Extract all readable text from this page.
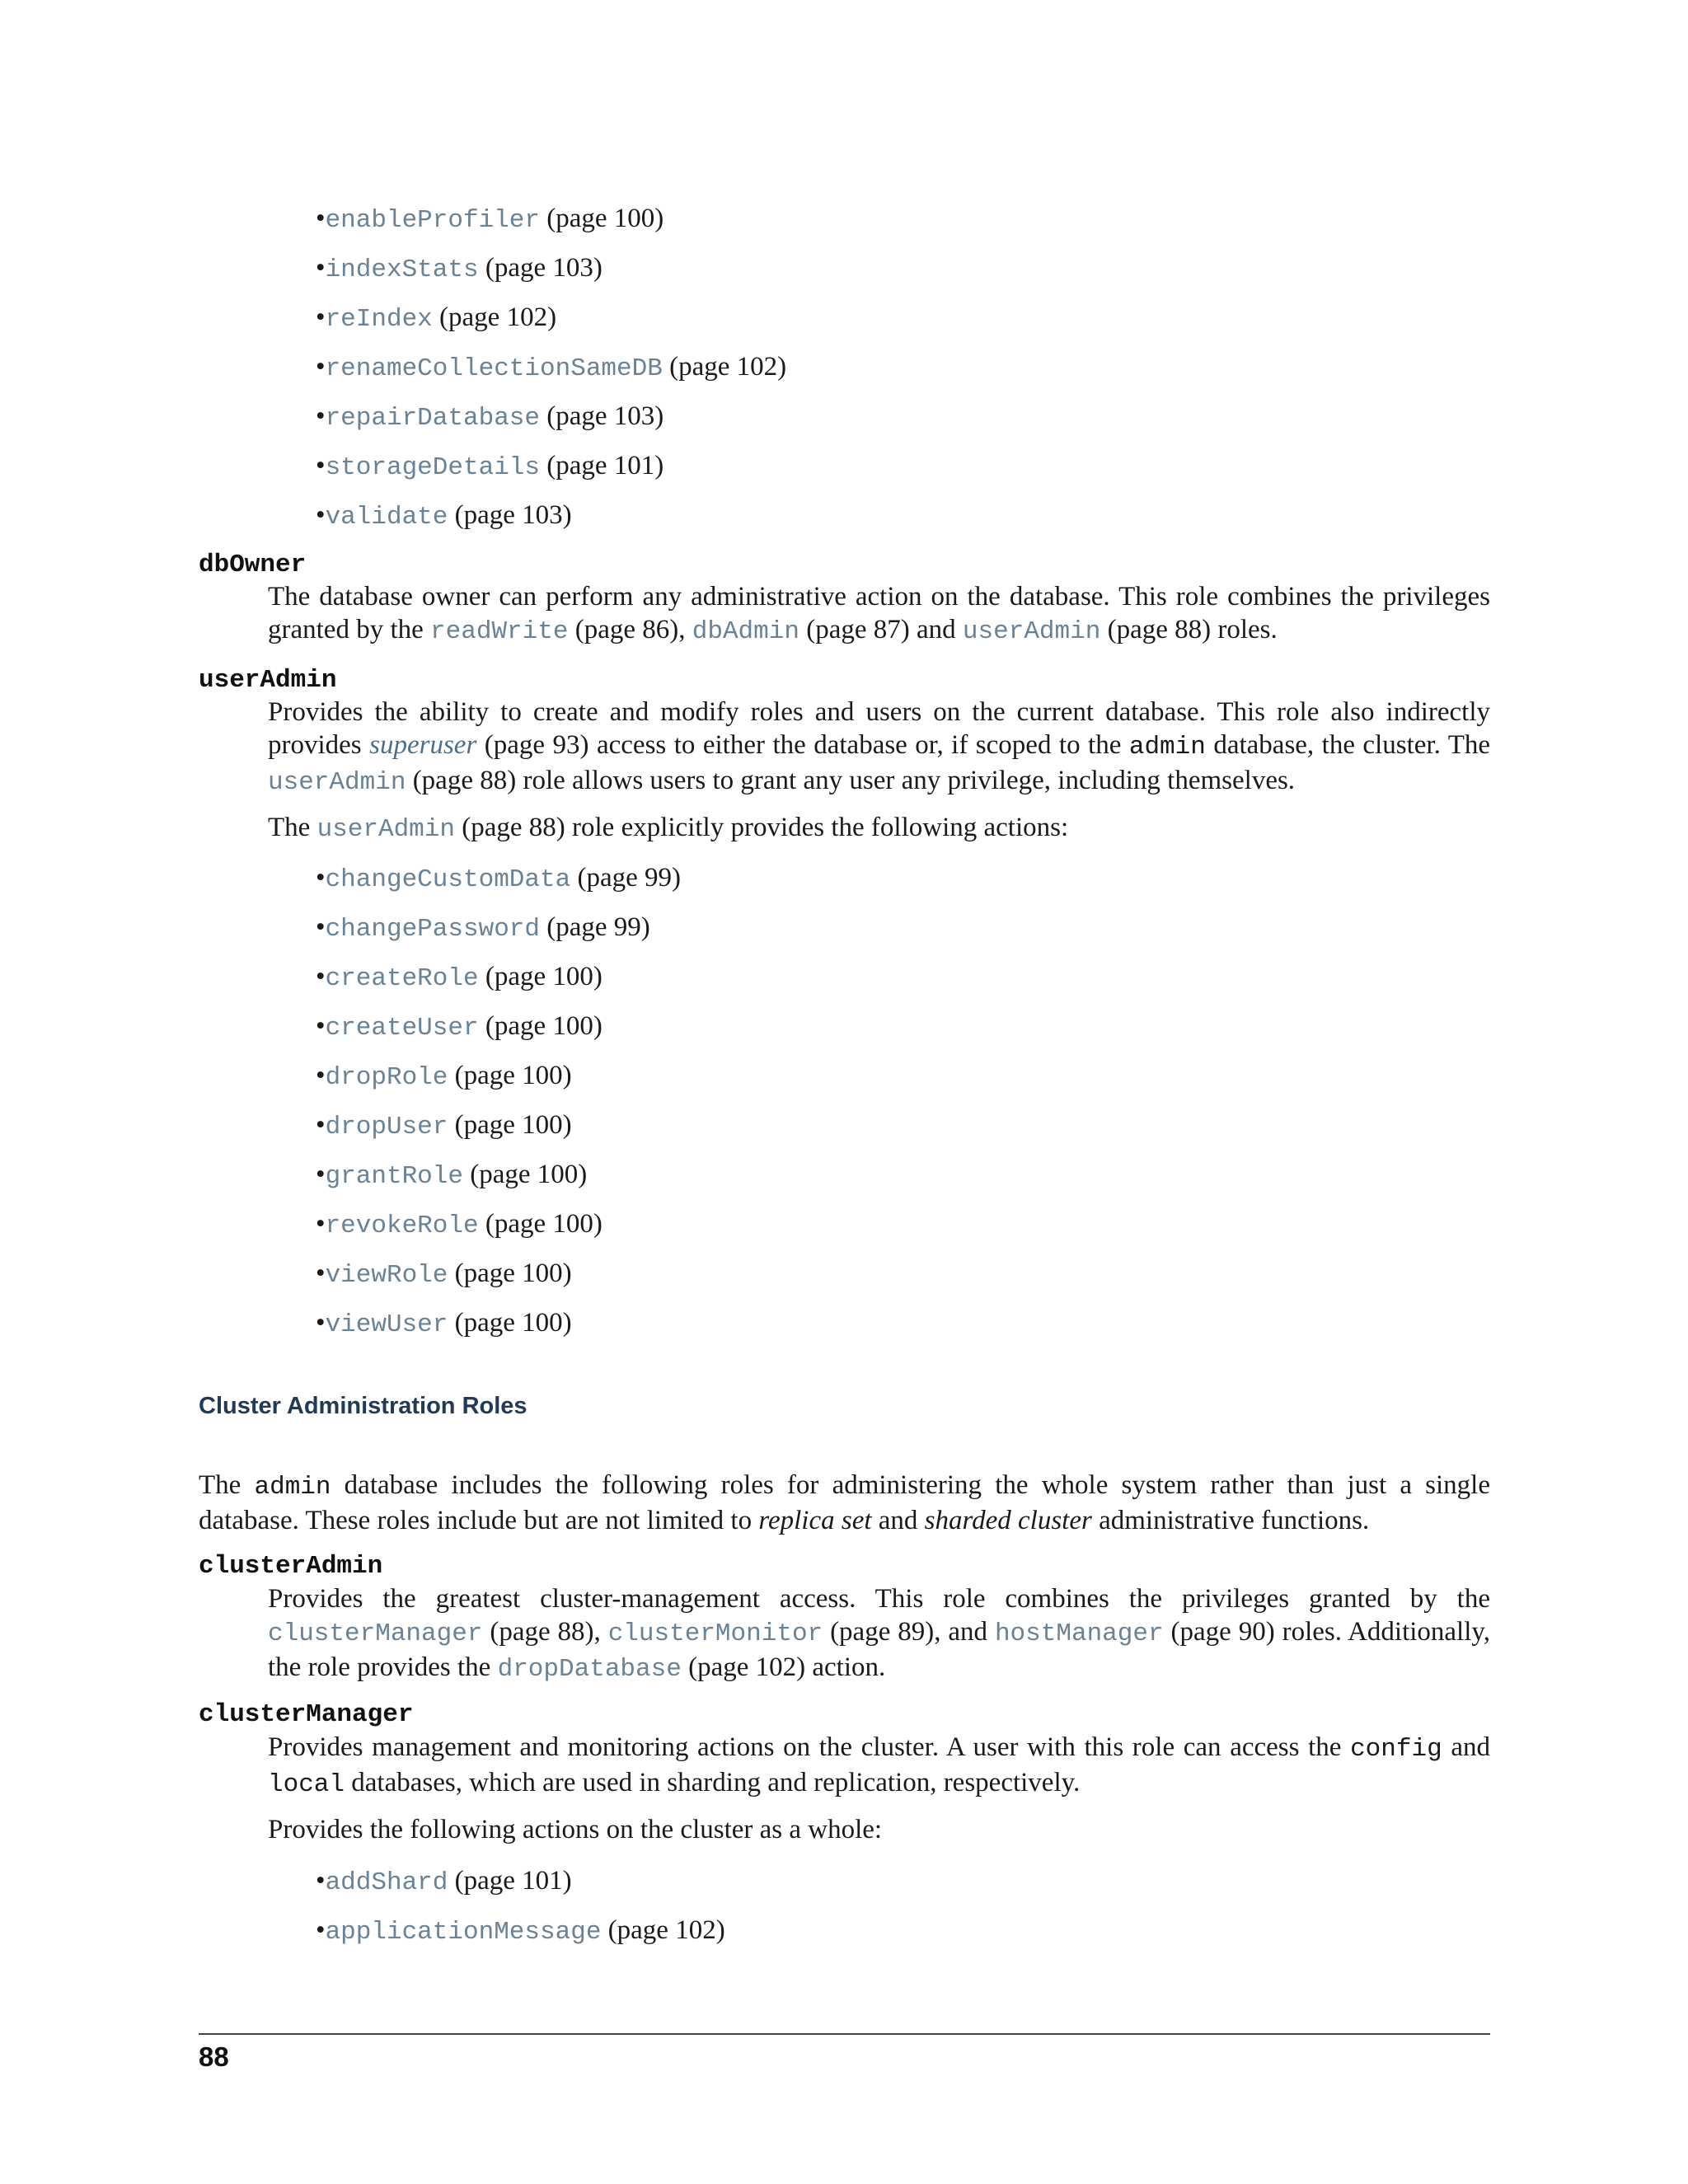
•enableProfiler (page 100)
•indexStats (page 103)
•reIndex (page 102)
•renameCollectionSameDB (page 102)
•repairDatabase (page 103)
•storageDetails (page 101)
•validate (page 103)
dbOwner
The database owner can perform any administrative action on the database. This role combines the privileges granted by the readWrite (page 86), dbAdmin (page 87) and userAdmin (page 88) roles.
userAdmin
Provides the ability to create and modify roles and users on the current database. This role also indirectly provides superuser (page 93) access to either the database or, if scoped to the admin database, the cluster. The userAdmin (page 88) role allows users to grant any user any privilege, including themselves.
The userAdmin (page 88) role explicitly provides the following actions:
•changeCustomData (page 99)
•changePassword (page 99)
•createRole (page 100)
•createUser (page 100)
•dropRole (page 100)
•dropUser (page 100)
•grantRole (page 100)
•revokeRole (page 100)
•viewRole (page 100)
•viewUser (page 100)
Cluster Administration Roles
The admin database includes the following roles for administering the whole system rather than just a single database. These roles include but are not limited to replica set and sharded cluster administrative functions.
clusterAdmin
Provides the greatest cluster-management access. This role combines the privileges granted by the clusterManager (page 88), clusterMonitor (page 89), and hostManager (page 90) roles. Additionally, the role provides the dropDatabase (page 102) action.
clusterManager
Provides management and monitoring actions on the cluster. A user with this role can access the config and local databases, which are used in sharding and replication, respectively.
Provides the following actions on the cluster as a whole:
•addShard (page 101)
•applicationMessage (page 102)
88
